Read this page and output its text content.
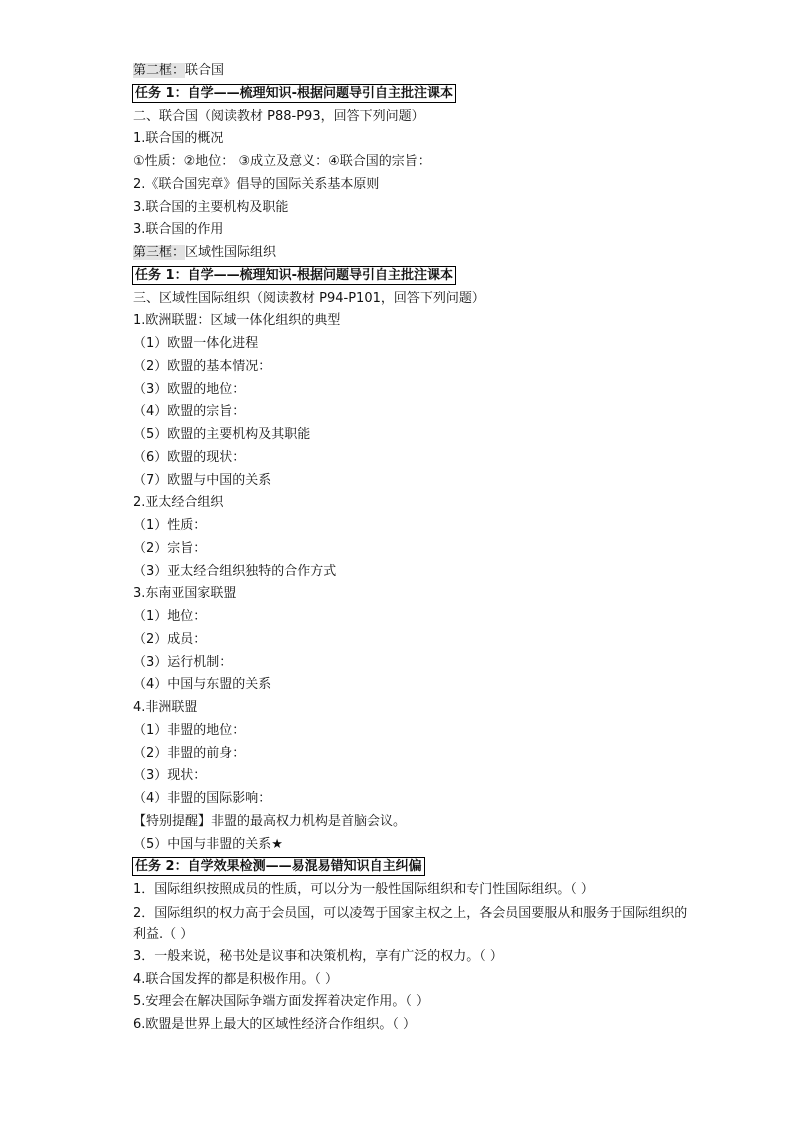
第二框：联合国
任务 1：自学——梳理知识-根据问题导引自主批注课本
二、联合国（阅读教材 P88-P93，回答下列问题）
1.联合国的概况
①性质：②地位： ③成立及意义：④联合国的宗旨：
2.《联合国宪章》倡导的国际关系基本原则
3.联合国的主要机构及职能
3.联合国的作用
第三框：区域性国际组织
任务 1：自学——梳理知识-根据问题导引自主批注课本
三、区域性国际组织（阅读教材 P94-P101，回答下列问题）
1.欧洲联盟：区域一体化组织的典型
（1）欧盟一体化进程
（2）欧盟的基本情况：
（3）欧盟的地位：
（4）欧盟的宗旨：
（5）欧盟的主要机构及其职能
（6）欧盟的现状：
（7）欧盟与中国的关系
2.亚太经合组织
（1）性质：
（2）宗旨：
（3）亚太经合组织独特的合作方式
3.东南亚国家联盟
（1）地位：
（2）成员：
（3）运行机制：
（4）中国与东盟的关系
4.非洲联盟
（1）非盟的地位：
（2）非盟的前身：
（3）现状：
（4）非盟的国际影响：
【特别提醒】非盟的最高权力机构是首脑会议。
（5）中国与非盟的关系★
任务 2：自学效果检测——易混易错知识自主纠偏
1．国际组织按照成员的性质，可以分为一般性国际组织和专门性国际组织。（ ）
2．国际组织的权力高于会员国，可以凌驾于国家主权之上，各会员国要服从和服务于国际组织的利益.（ ）
3．一般来说，秘书处是议事和决策机构，享有广泛的权力。（ ）
4.联合国发挥的都是积极作用。（ ）
5.安理会在解决国际争端方面发挥着决定作用。（ ）
6.欧盟是世界上最大的区域性经济合作组织。（ ）
